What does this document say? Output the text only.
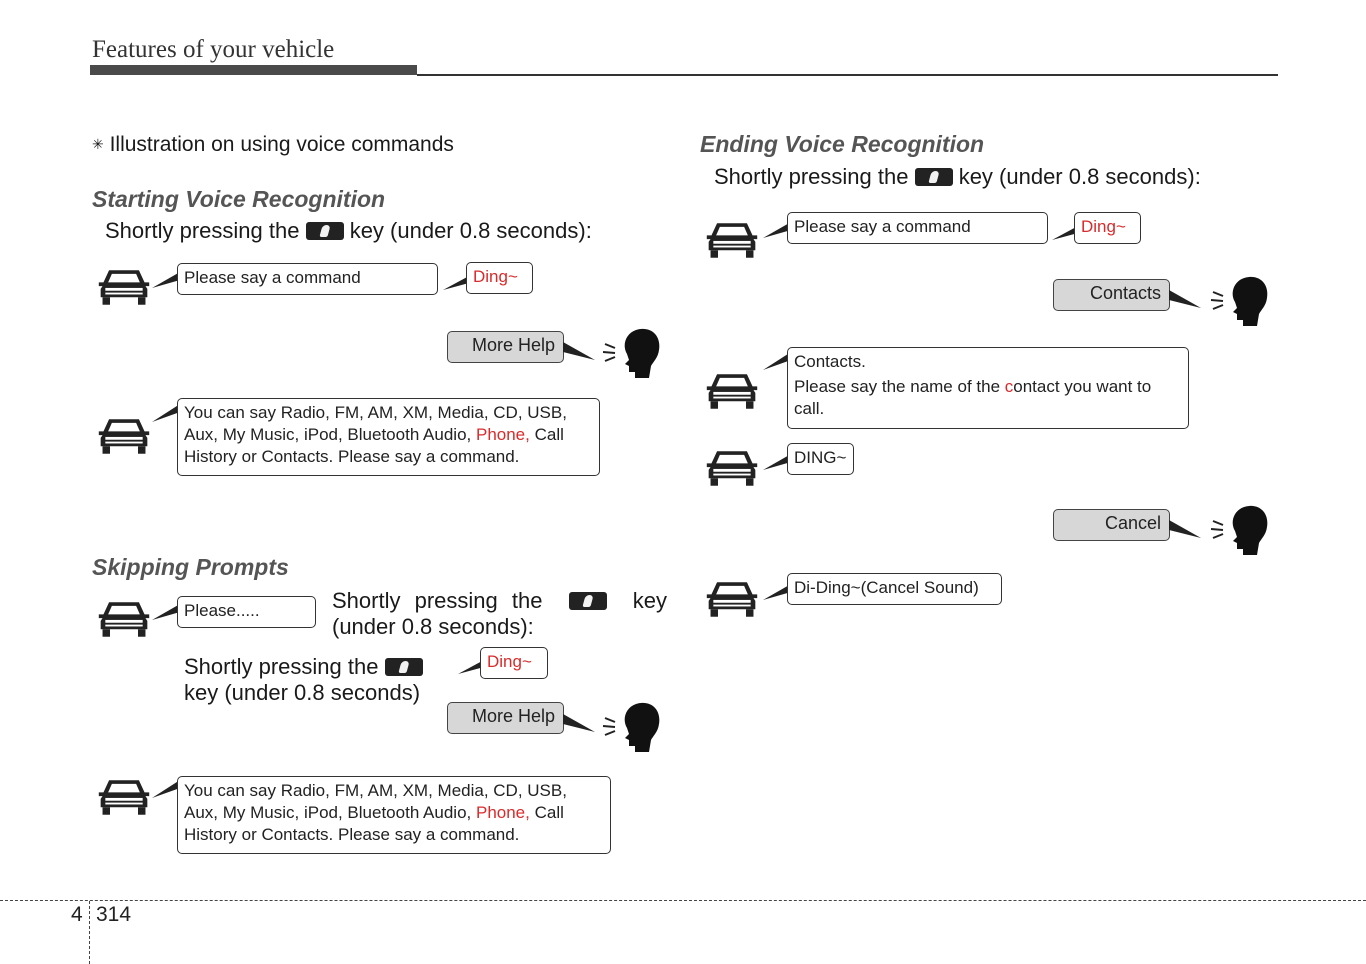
Features of your vehicle
✳ Illustration on using voice commands
Starting Voice Recognition
Shortly pressing the key (under 0.8 seconds):
Please say a command	Ding~
More Help
You can say Radio, FM, AM, XM, Media, CD, USB,
Aux, My Music, iPod, Bluetooth Audio, Phone, Call
History or Contacts. Please say a command.
Skipping Prompts
Please.....	Shortly pressing the	key
(under 0.8 seconds):
Shortly pressing the
key (under 0.8 seconds)
Ding~
More Help
You can say Radio, FM, AM, XM, Media, CD, USB,
Aux, My Music, iPod, Bluetooth Audio, Phone, Call
History or Contacts. Please say a command.
Ending Voice Recognition
Shortly pressing the key (under 0.8 seconds):
Please say a command	Ding~
Contacts
Contacts.
Please say the name of the contact you want to
call.
DING~
Cancel
Di-Ding~(Cancel Sound)
4 314
